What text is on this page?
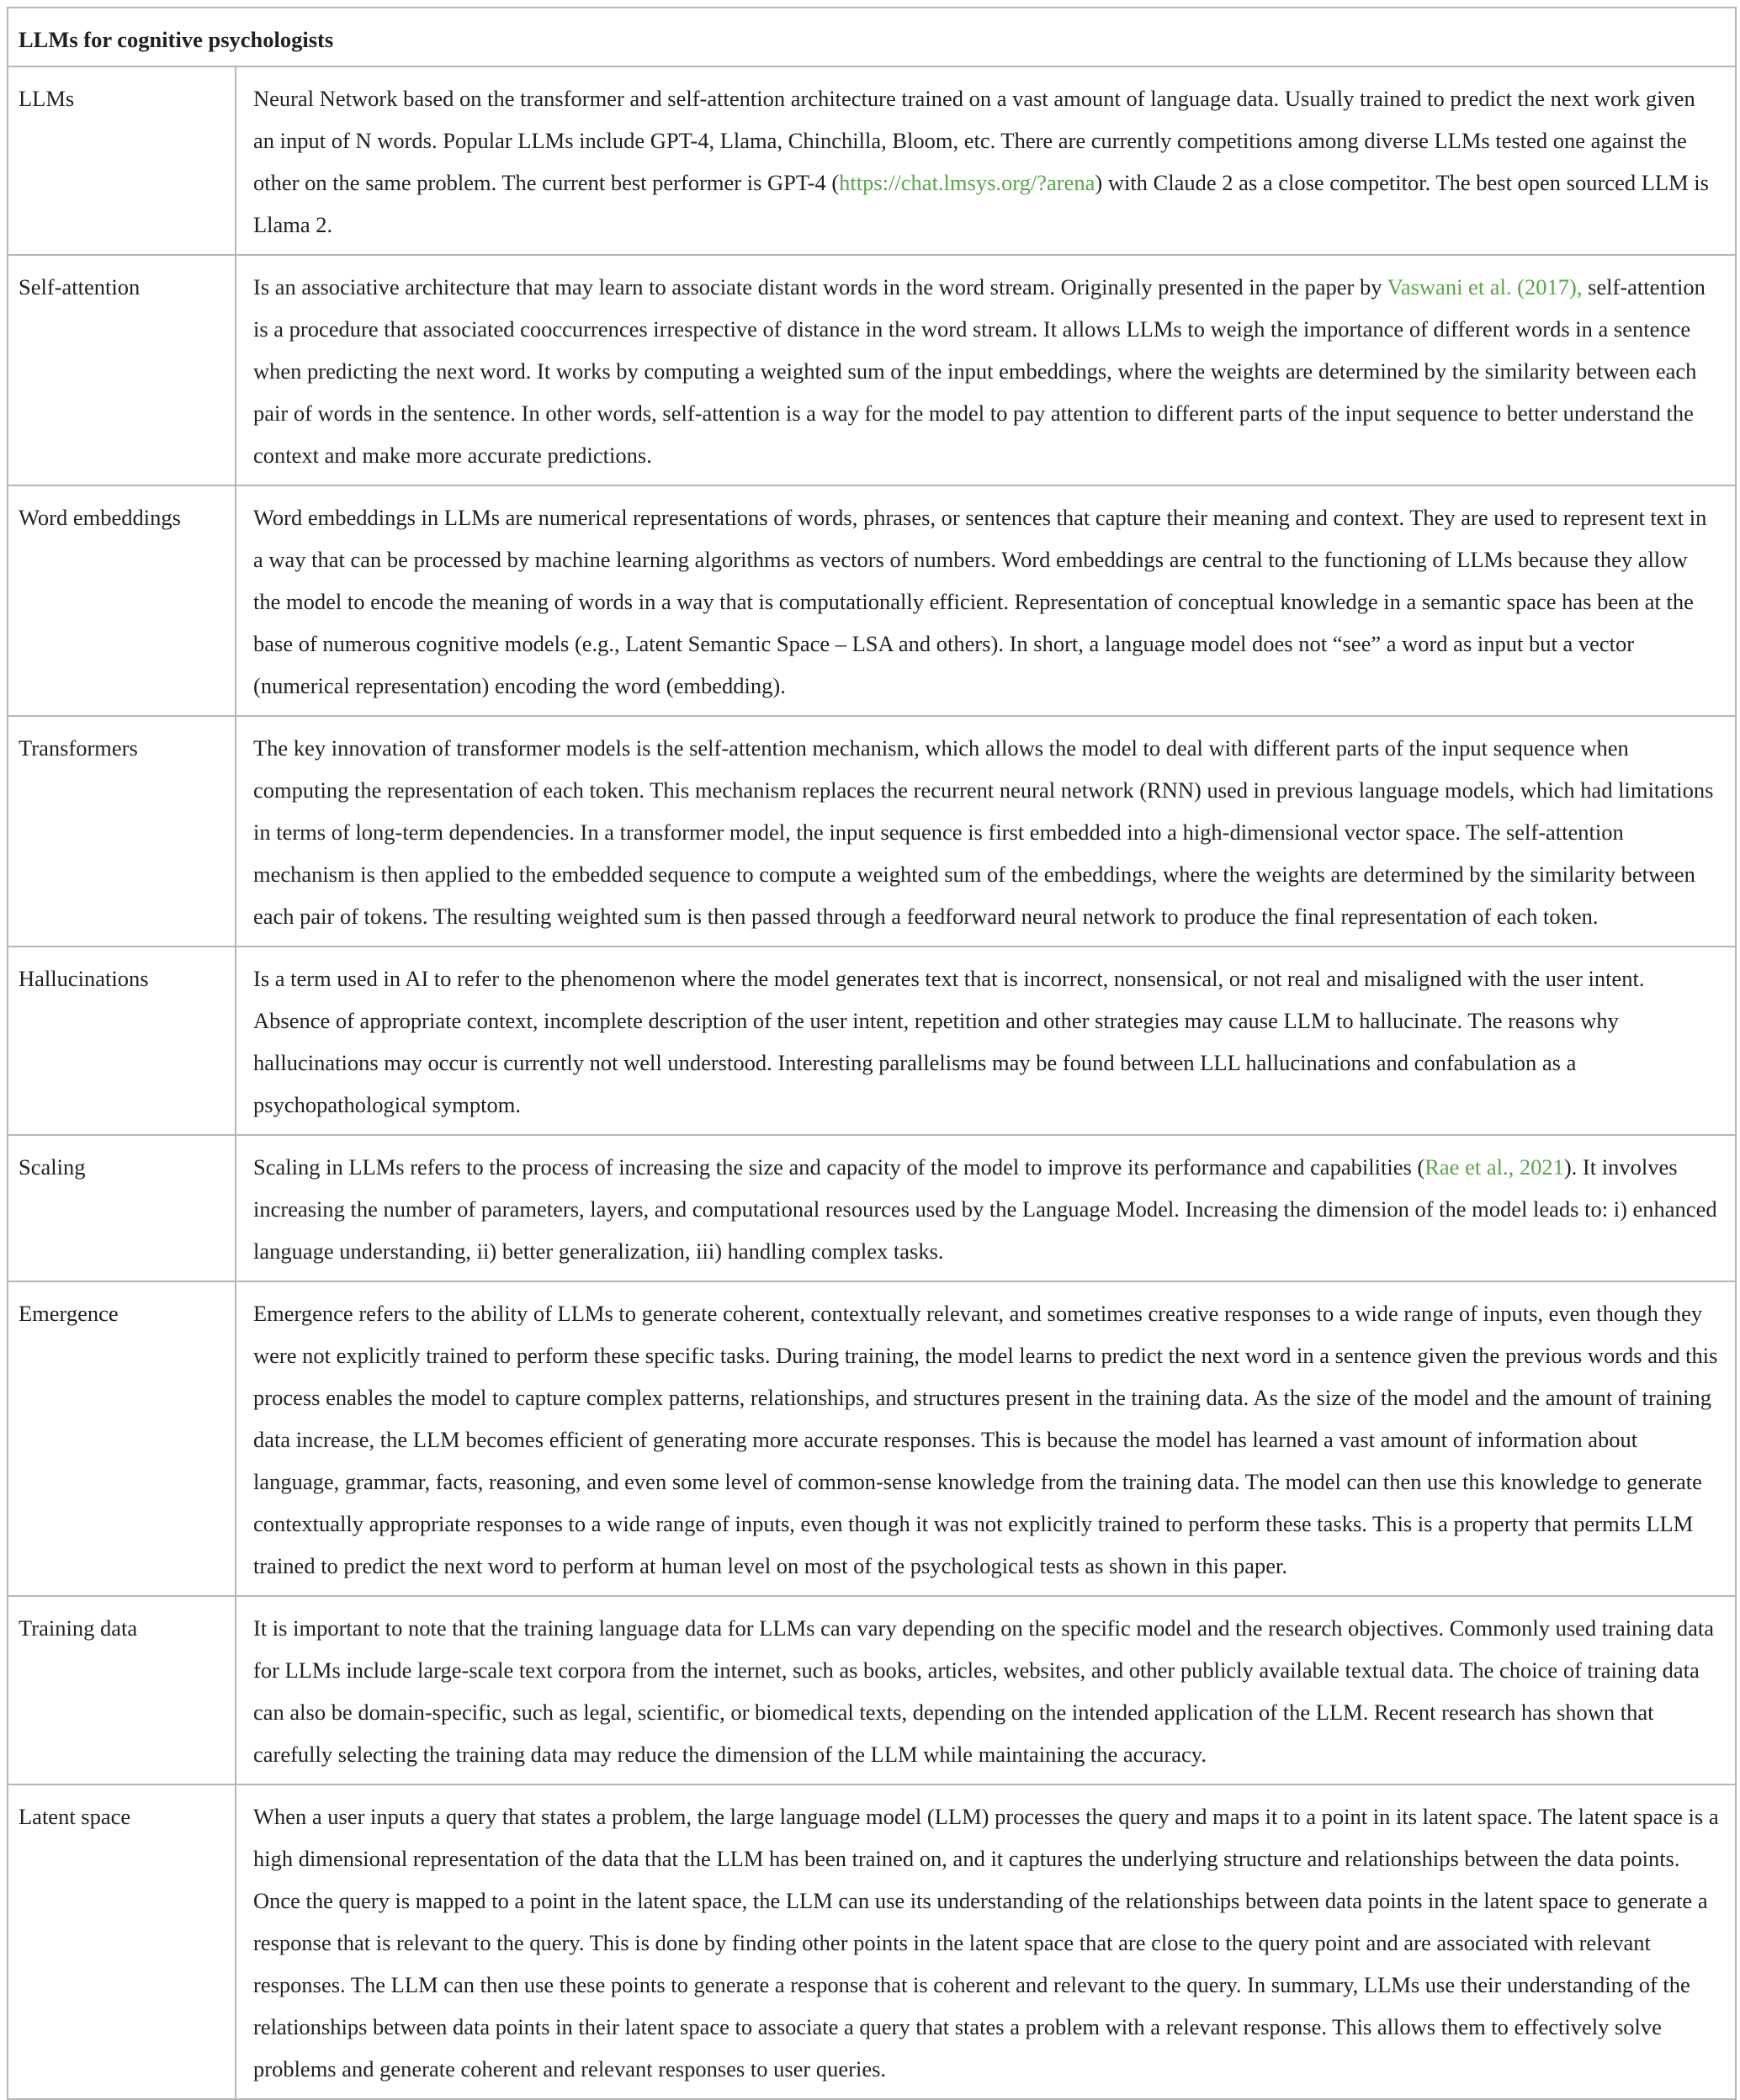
LLMs for cognitive psychologists	
LLMs	Neural Network based on the transformer and self-attention architecture trained on a vast amount of language data. Usually trained to predict the next work given an input of N words. Popular LLMs include GPT-4, Llama, Chinchilla, Bloom, etc. There are currently competitions among diverse LLMs tested one against the other on the same problem. The current best performer is GPT-4 (https://chat.lmsys.org/?arena) with Claude 2 as a close competitor. The best open sourced LLM is Llama 2.
Self-attention	Is an associative architecture that may learn to associate distant words in the word stream. Originally presented in the paper by Vaswani et al. (2017), self-attention is a procedure that associated cooccurrences irrespective of distance in the word stream. It allows LLMs to weigh the importance of different words in a sentence when predicting the next word. It works by computing a weighted sum of the input embeddings, where the weights are determined by the similarity between each pair of words in the sentence. In other words, self-attention is a way for the model to pay attention to different parts of the input sequence to better understand the context and make more accurate predictions.
Word embeddings	Word embeddings in LLMs are numerical representations of words, phrases, or sentences that capture their meaning and context. They are used to represent text in a way that can be processed by machine learning algorithms as vectors of numbers. Word embeddings are central to the functioning of LLMs because they allow the model to encode the meaning of words in a way that is computationally efficient. Representation of conceptual knowledge in a semantic space has been at the base of numerous cognitive models (e.g., Latent Semantic Space – LSA and others). In short, a language model does not “see” a word as input but a vector (numerical representation) encoding the word (embedding).
Transformers	The key innovation of transformer models is the self-attention mechanism, which allows the model to deal with different parts of the input sequence when computing the representation of each token. This mechanism replaces the recurrent neural network (RNN) used in previous language models, which had limitations in terms of long-term dependencies. In a transformer model, the input sequence is first embedded into a high-dimensional vector space. The self-attention mechanism is then applied to the embedded sequence to compute a weighted sum of the embeddings, where the weights are determined by the similarity between each pair of tokens. The resulting weighted sum is then passed through a feedforward neural network to produce the final representation of each token.
Hallucinations	Is a term used in AI to refer to the phenomenon where the model generates text that is incorrect, nonsensical, or not real and misaligned with the user intent. Absence of appropriate context, incomplete description of the user intent, repetition and other strategies may cause LLM to hallucinate. The reasons why hallucinations may occur is currently not well understood. Interesting parallelisms may be found between LLL hallucinations and confabulation as a psychopathological symptom.
Scaling	Scaling in LLMs refers to the process of increasing the size and capacity of the model to improve its performance and capabilities (Rae et al., 2021). It involves increasing the number of parameters, layers, and computational resources used by the Language Model. Increasing the dimension of the model leads to: i) enhanced language understanding, ii) better generalization, iii) handling complex tasks.
Emergence	Emergence refers to the ability of LLMs to generate coherent, contextually relevant, and sometimes creative responses to a wide range of inputs, even though they were not explicitly trained to perform these specific tasks. During training, the model learns to predict the next word in a sentence given the previous words and this process enables the model to capture complex patterns, relationships, and structures present in the training data. As the size of the model and the amount of training data increase, the LLM becomes efficient of generating more accurate responses. This is because the model has learned a vast amount of information about language, grammar, facts, reasoning, and even some level of common-sense knowledge from the training data. The model can then use this knowledge to generate contextually appropriate responses to a wide range of inputs, even though it was not explicitly trained to perform these tasks. This is a property that permits LLM trained to predict the next word to perform at human level on most of the psychological tests as shown in this paper.
Training data	It is important to note that the training language data for LLMs can vary depending on the specific model and the research objectives. Commonly used training data for LLMs include large-scale text corpora from the internet, such as books, articles, websites, and other publicly available textual data. The choice of training data can also be domain-specific, such as legal, scientific, or biomedical texts, depending on the intended application of the LLM. Recent research has shown that carefully selecting the training data may reduce the dimension of the LLM while maintaining the accuracy.
Latent space	When a user inputs a query that states a problem, the large language model (LLM) processes the query and maps it to a point in its latent space. The latent space is a high dimensional representation of the data that the LLM has been trained on, and it captures the underlying structure and relationships between the data points. Once the query is mapped to a point in the latent space, the LLM can use its understanding of the relationships between data points in the latent space to generate a response that is relevant to the query. This is done by finding other points in the latent space that are close to the query point and are associated with relevant responses. The LLM can then use these points to generate a response that is coherent and relevant to the query. In summary, LLMs use their understanding of the relationships between data points in their latent space to associate a query that states a problem with a relevant response. This allows them to effectively solve problems and generate coherent and relevant responses to user queries.
